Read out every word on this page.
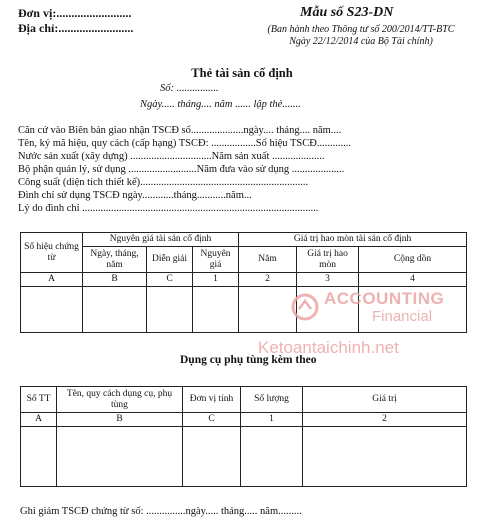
Đơn vị:.........................
Địa chỉ:.........................
Mẫu số S23-DN
(Ban hành theo Thông tư số 200/2014/TT-BTC
Ngày 22/12/2014 của Bộ Tài chính)
Thẻ tài sản cố định
Số: ................
Ngày..... tháng.... năm ...... lập thẻ.......
Căn cứ vào Biên bản giao nhận TSCĐ số....................ngày.... tháng.... năm....
Tên, ký mã hiệu, quy cách (cấp hạng) TSCĐ: .................Số hiệu TSCĐ.............
Nước sản xuất (xây dựng) ...............................Năm sản xuất ....................
Bộ phận quản lý, sử dụng ..........................Năm đưa vào sử dụng ....................
Công suất (diện tích thiết kế)................................................................
Đình chỉ sử dụng TSCĐ ngày............tháng...........năm...
Lý do đình chỉ ..........................................................................................
Số hiệu chứng từ	Nguyên giá tài sản cố định			Giá trị hao mòn tài sản cố định		
	Ngày, tháng, năm	Diễn giải	Nguyên giá	Năm	Giá trị hao mòn	Cộng dồn
A	B	C	1	2	3	4

ACCOUNTING
Financial
Ketoantaichinh.net
Dụng cụ phụ tùng kèm theo
Số TT	Tên, quy cách dụng cụ, phụ tùng	Đơn vị tính	Số lượng	Giá trị
A	B	C	1	2

Ghi giảm TSCĐ chứng từ số: ...............ngày..... tháng..... năm.........
